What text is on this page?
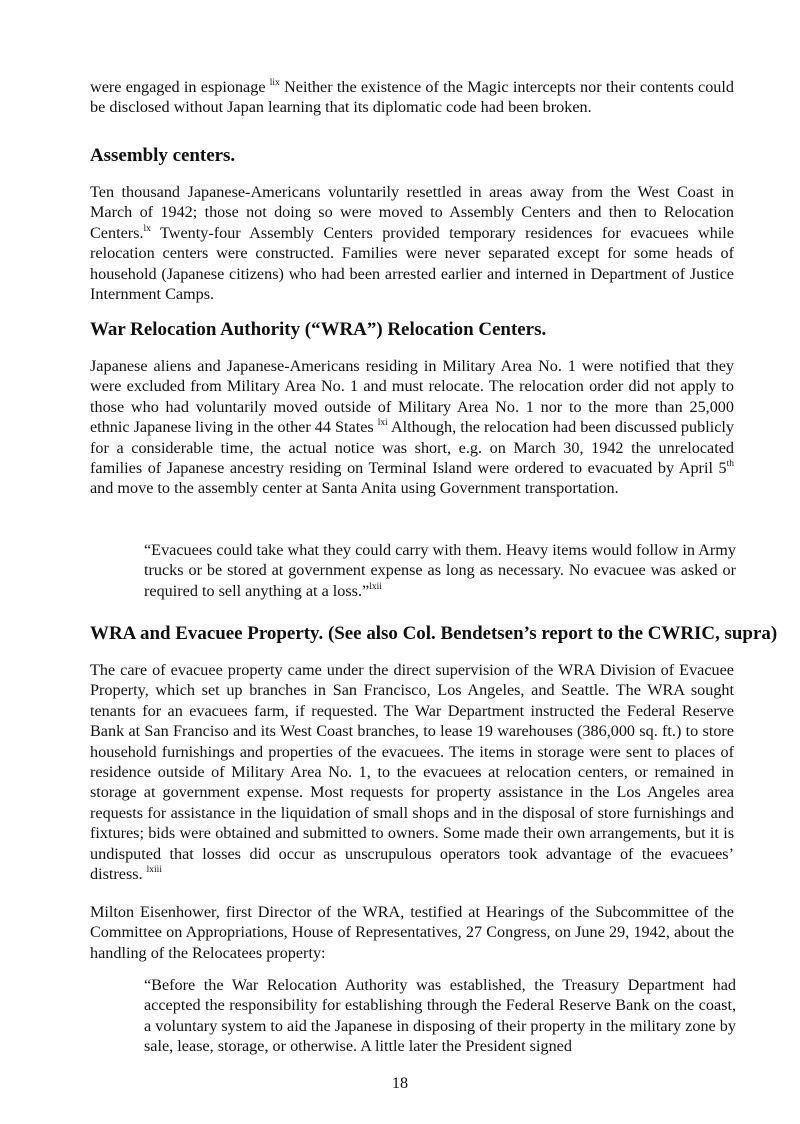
were engaged in espionage $^{lix}$ Neither the existence of the Magic intercepts nor their contents could be disclosed without Japan learning that its diplomatic code had been broken.

Assembly centers.

Ten thousand Japanese-Americans voluntarily resettled in areas away from the West Coast in March of 1942; those not doing so were moved to Assembly Centers and then to Relocation Centers.$^{lx}$ Twenty-four Assembly Centers provided temporary residences for evacuees while relocation centers were constructed. Families were never separated except for some heads of household (Japanese citizens) who had been arrested earlier and interned in Department of Justice Internment Camps.

War Relocation Authority (“WRA”) Relocation Centers.

Japanese aliens and Japanese-Americans residing in Military Area No. 1 were notified that they were excluded from Military Area No. 1 and must relocate. The relocation order did not apply to those who had voluntarily moved outside of Military Area No. 1 nor to the more than 25,000 ethnic Japanese living in the other 44 States $^{lxi}$ Although, the relocation had been discussed publicly for a considerable time, the actual notice was short, e.g. on March 30, 1942 the unrelocated families of Japanese ancestry residing on Terminal Island were ordered to evacuated by April 5th and move to the assembly center at Santa Anita using Government transportation.

“Evacuees could take what they could carry with them. Heavy items would follow in Army trucks or be stored at government expense as long as necessary. No evacuee was asked or required to sell anything at a loss.”$^{lxii}$

WRA and Evacuee Property. (See also Col. Bendetsen’s report to the CWRIC, supra)

The care of evacuee property came under the direct supervision of the WRA Division of Evacuee Property, which set up branches in San Francisco, Los Angeles, and Seattle. The WRA sought tenants for an evacuees farm, if requested. The War Department instructed the Federal Reserve Bank at San Franciso and its West Coast branches, to lease 19 warehouses (386,000 sq. ft.) to store household furnishings and properties of the evacuees. The items in storage were sent to places of residence outside of Military Area No. 1, to the evacuees at relocation centers, or remained in storage at government expense. Most requests for property assistance in the Los Angeles area requests for assistance in the liquidation of small shops and in the disposal of store furnishings and fixtures; bids were obtained and submitted to owners. Some made their own arrangements, but it is undisputed that losses did occur as unscrupulous operators took advantage of the evacuees’ distress. $^{lxiii}$

Milton Eisenhower, first Director of the WRA, testified at Hearings of the Subcommittee of the Committee on Appropriations, House of Representatives, 27 Congress, on June 29, 1942, about the handling of the Relocatees property:

“Before the War Relocation Authority was established, the Treasury Department had accepted the responsibility for establishing through the Federal Reserve Bank on the coast, a voluntary system to aid the Japanese in disposing of their property in the military zone by sale, lease, storage, or otherwise. A little later the President signed

18
